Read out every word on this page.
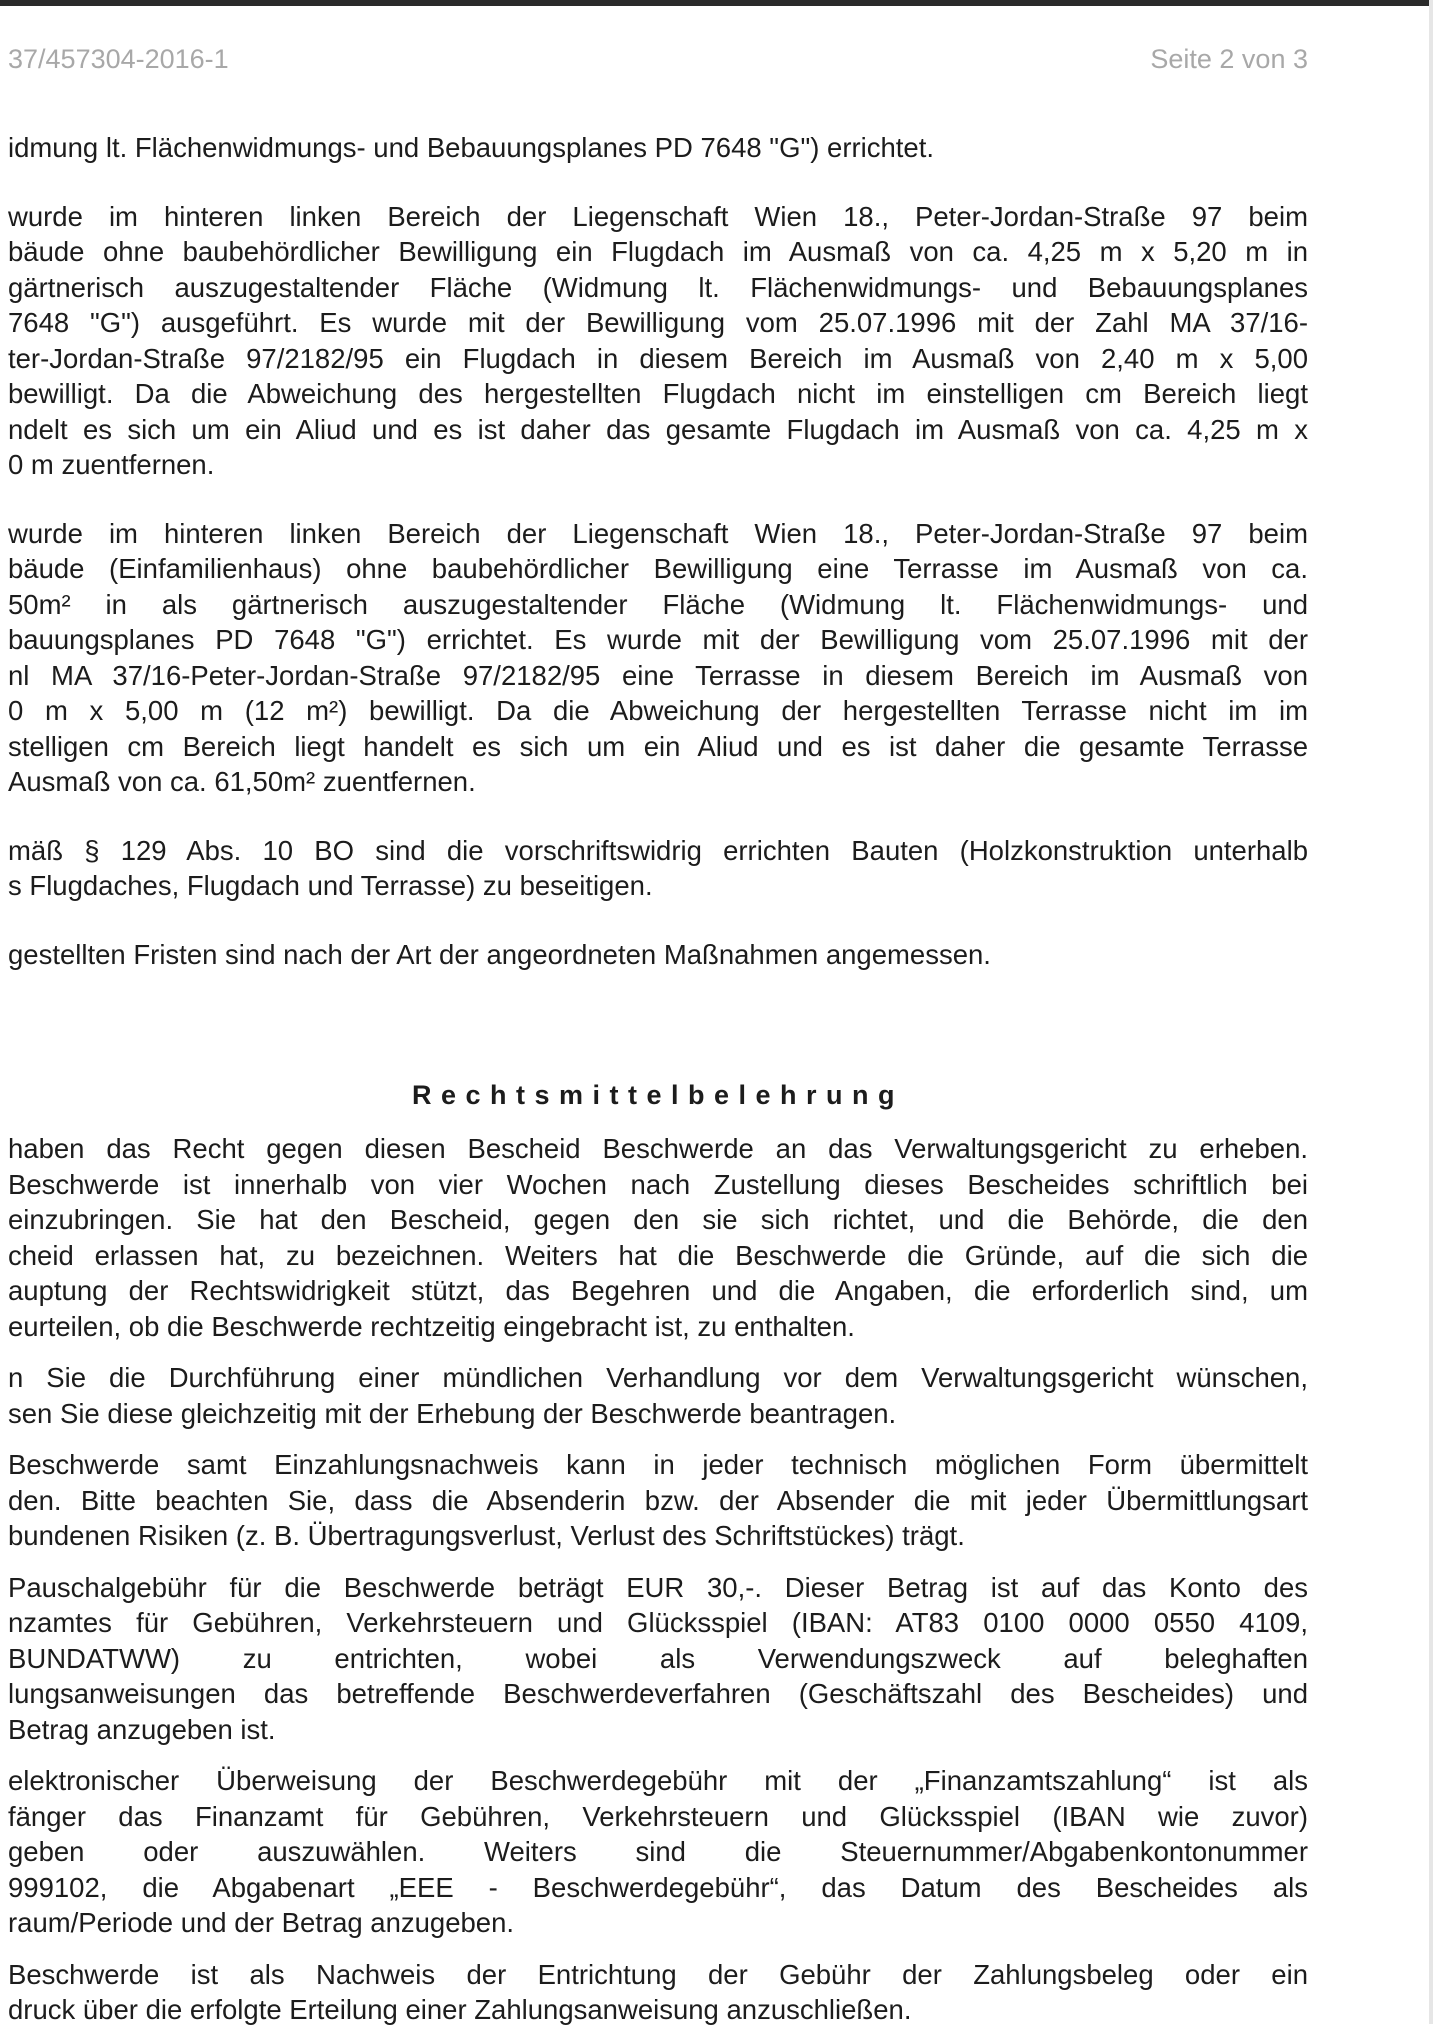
37/457304-2016-1	Seite 2 von 3

idmung lt. Flächenwidmungs- und Bebauungsplanes PD 7648 "G") errichtet.

wurde im hinteren linken Bereich der Liegenschaft Wien 18., Peter-Jordan-Straße 97 beim
bäude ohne baubehördlicher Bewilligung ein Flugdach im Ausmaß von ca. 4,25 m x 5,20 m in
gärtnerisch auszugestaltender Fläche (Widmung lt. Flächenwidmungs- und Bebauungsplanes
7648 "G") ausgeführt. Es wurde mit der Bewilligung vom 25.07.1996 mit der Zahl MA 37/16-
ter-Jordan-Straße 97/2182/95 ein Flugdach in diesem Bereich im Ausmaß von 2,40 m x 5,00
bewilligt. Da die Abweichung des hergestellten Flugdach nicht im einstelligen cm Bereich liegt
ndelt es sich um ein Aliud und es ist daher das gesamte Flugdach im Ausmaß von ca. 4,25 m x
0 m zuentfernen.

wurde im hinteren linken Bereich der Liegenschaft Wien 18., Peter-Jordan-Straße 97 beim
bäude (Einfamilienhaus) ohne baubehördlicher Bewilligung eine Terrasse im Ausmaß von ca.
50m² in als gärtnerisch auszugestaltender Fläche (Widmung lt. Flächenwidmungs- und
bauungsplanes PD 7648 "G") errichtet. Es wurde mit der Bewilligung vom 25.07.1996 mit der
nl MA 37/16-Peter-Jordan-Straße 97/2182/95 eine Terrasse in diesem Bereich im Ausmaß von
0 m x 5,00 m (12 m²) bewilligt. Da die Abweichung der hergestellten Terrasse nicht im im
stelligen cm Bereich liegt handelt es sich um ein Aliud und es ist daher die gesamte Terrasse
Ausmaß von ca. 61,50m² zuentfernen.

mäß § 129 Abs. 10 BO sind die vorschriftswidrig errichten Bauten (Holzkonstruktion unterhalb
s Flugdaches, Flugdach und Terrasse) zu beseitigen.

gestellten Fristen sind nach der Art der angeordneten Maßnahmen angemessen.

Rechtsmittelbelehrung

haben das Recht gegen diesen Bescheid Beschwerde an das Verwaltungsgericht zu erheben.
Beschwerde ist innerhalb von vier Wochen nach Zustellung dieses Bescheides schriftlich bei
einzubringen. Sie hat den Bescheid, gegen den sie sich richtet, und die Behörde, die den
cheid erlassen hat, zu bezeichnen. Weiters hat die Beschwerde die Gründe, auf die sich die
auptung der Rechtswidrigkeit stützt, das Begehren und die Angaben, die erforderlich sind, um
eurteilen, ob die Beschwerde rechtzeitig eingebracht ist, zu enthalten.

n Sie die Durchführung einer mündlichen Verhandlung vor dem Verwaltungsgericht wünschen,
sen Sie diese gleichzeitig mit der Erhebung der Beschwerde beantragen.

Beschwerde samt Einzahlungsnachweis kann in jeder technisch möglichen Form übermittelt
den. Bitte beachten Sie, dass die Absenderin bzw. der Absender die mit jeder Übermittlungsart
bundenen Risiken (z. B. Übertragungsverlust, Verlust des Schriftstückes) trägt.

Pauschalgebühr für die Beschwerde beträgt EUR 30,-. Dieser Betrag ist auf das Konto des
nzamtes für Gebühren, Verkehrsteuern und Glücksspiel (IBAN: AT83 0100 0000 0550 4109,
BUNDATWW) zu entrichten, wobei als Verwendungszweck auf beleghaften
lungsanweisungen das betreffende Beschwerdeverfahren (Geschäftszahl des Bescheides) und
Betrag anzugeben ist.

elektronischer Überweisung der Beschwerdegebühr mit der „Finanzamtszahlung“ ist als
fänger das Finanzamt für Gebühren, Verkehrsteuern und Glücksspiel (IBAN wie zuvor)
geben oder auszuwählen. Weiters sind die Steuernummer/Abgabenkontonummer
999102, die Abgabenart „EEE - Beschwerdegebühr“, das Datum des Bescheides als
raum/Periode und der Betrag anzugeben.

Beschwerde ist als Nachweis der Entrichtung der Gebühr der Zahlungsbeleg oder ein
druck über die erfolgte Erteilung einer Zahlungsanweisung anzuschließen.
